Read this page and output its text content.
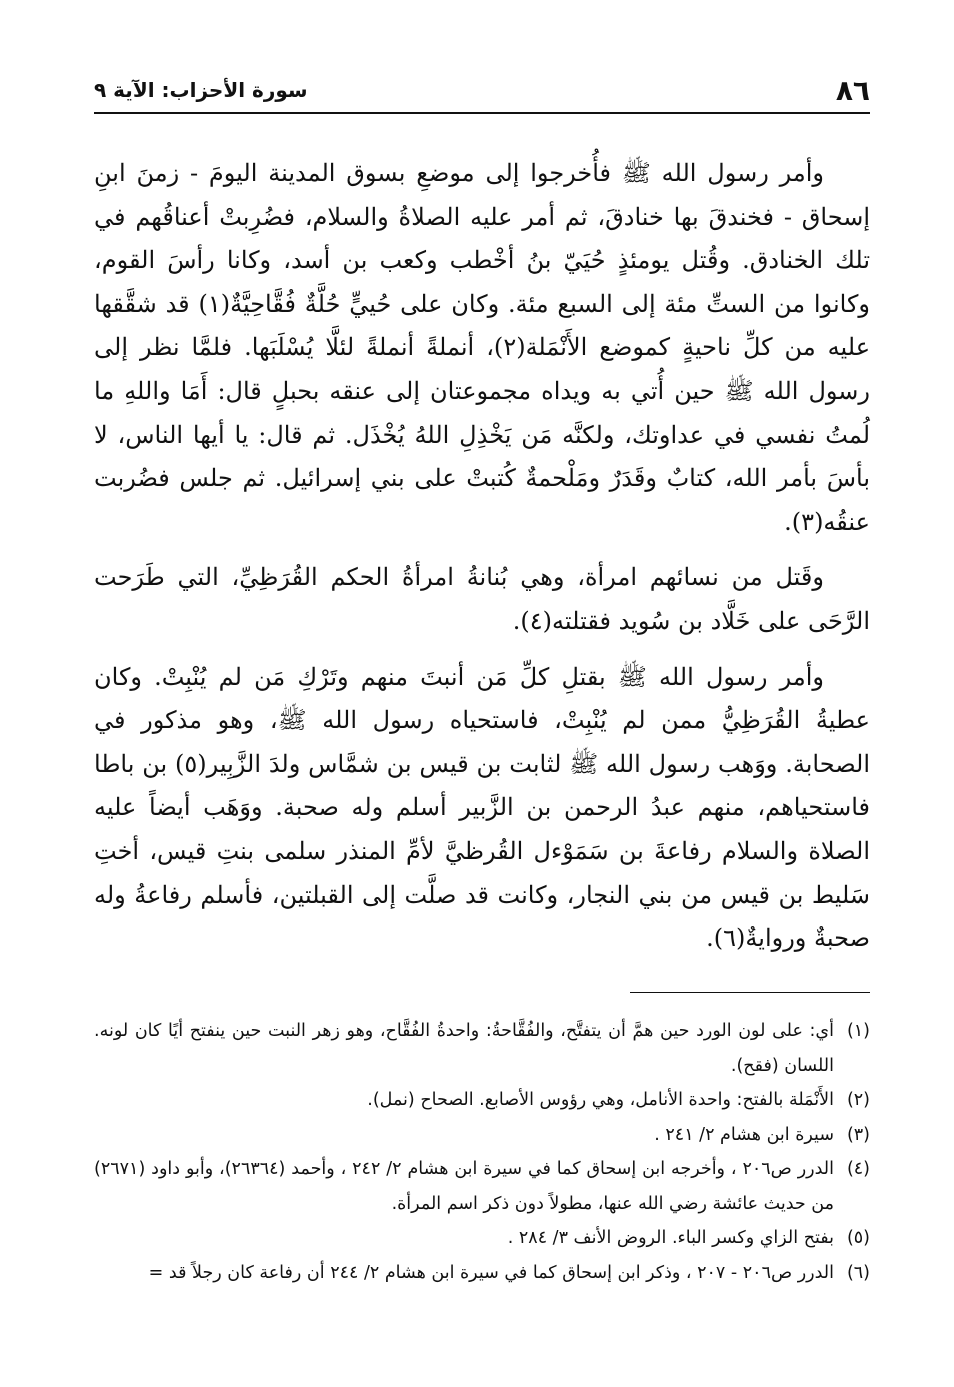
٨٦
سورة الأحزاب: الآية ٩

وأمر رسول الله ﷺ فأُخرجوا إلى موضعِ بسوق المدينة اليومَ - زمنَ ابنِ إسحاق - فخندقَ بها خنادقَ، ثم أمر عليه الصلاةُ والسلام، فضُرِبتْ أعناقُهم في تلك الخنادق. وقُتل يومئذٍ حُيَيّ بنُ أخْطب وكعب بن أسد، وكانا رأسَ القوم، وكانوا من الستِّ مئة إلى السبع مئة. وكان على حُييٍّ حُلَّةٌ فُقَّاحِيَّةٌ(١) قد شقَّقها عليه من كلِّ ناحيةٍ كموضع الأَنْمَلة(٢)، أنملةً أنملةً لئلَّا يُسْلَبَها. فلمَّا نظر إلى رسول الله ﷺ حين أُتي به ويداه مجموعتان إلى عنقه بحبلٍ قال: أَمَا واللهِ ما لُمتُ نفسي في عداوتك، ولكنَّه مَن يَخْذِلِ اللهُ يُخْذَل. ثم قال: يا أيها الناس، لا بأسَ بأمر الله، كتابٌ وقَدَرٌ ومَلْحمةٌ كُتبتْ على بني إسرائيل. ثم جلس فضُربت عنقُه(٣).

وقَتل من نسائهم امرأة، وهي بُنانةُ امرأةُ الحكم القُرَظِيِّ، التي طَرَحت الرَّحَى على خَلَّاد بن سُويد فقتلته(٤).

وأمر رسول الله ﷺ بقتلِ كلِّ مَن أنبتَ منهم وتَرْكِ مَن لم يُنْبِتْ. وكان عطيةُ القُرَظِيُّ ممن لم يُنْبِتْ، فاستحياه رسول الله ﷺ، وهو مذكور في الصحابة. ووَهب رسول الله ﷺ لثابت بن قيس بن شمَّاس ولدَ الزَّبِير(٥) بن باطا فاستحياهم، منهم عبدُ الرحمن بن الزَّبير أسلم وله صحبة. ووَهَب أيضاً عليه الصلاة والسلام رفاعةَ بن سَمَوْءل القُرظيَّ لأمِّ المنذر سلمى بنتِ قيس، أختِ سَليط بن قيس من بني النجار، وكانت قد صلَّت إلى القبلتين، فأسلم رفاعةُ وله صحبةٌ وروايةٌ(٦).

(١)
أي: على لون الورد حين همَّ أن يتفتَّح، والفُقَّاحةُ: واحدةُ الفُقَّاح، وهو زهر النبت حين ينفتح أيًا كان لونه. اللسان (فقح).
(٢)
الأَنْمَلة بالفتح: واحدة الأنامل، وهي رؤوس الأصابع. الصحاح (نمل).
(٣)
سيرة ابن هشام ٢/ ٢٤١ .
(٤)
الدرر ص٢٠٦ ، وأخرجه ابن إسحاق كما في سيرة ابن هشام ٢/ ٢٤٢ ، وأحمد (٢٦٣٦٤)، وأبو داود (٢٦٧١) من حديث عائشة رضي الله عنها، مطولاً دون ذكر اسم المرأة.
(٥)
بفتح الزاي وكسر الباء. الروض الأنف ٣/ ٢٨٤ .
(٦)
الدرر ص٢٠٦ - ٢٠٧ ، وذكر ابن إسحاق كما في سيرة ابن هشام ٢/ ٢٤٤ أن رفاعة كان رجلاً قد =
